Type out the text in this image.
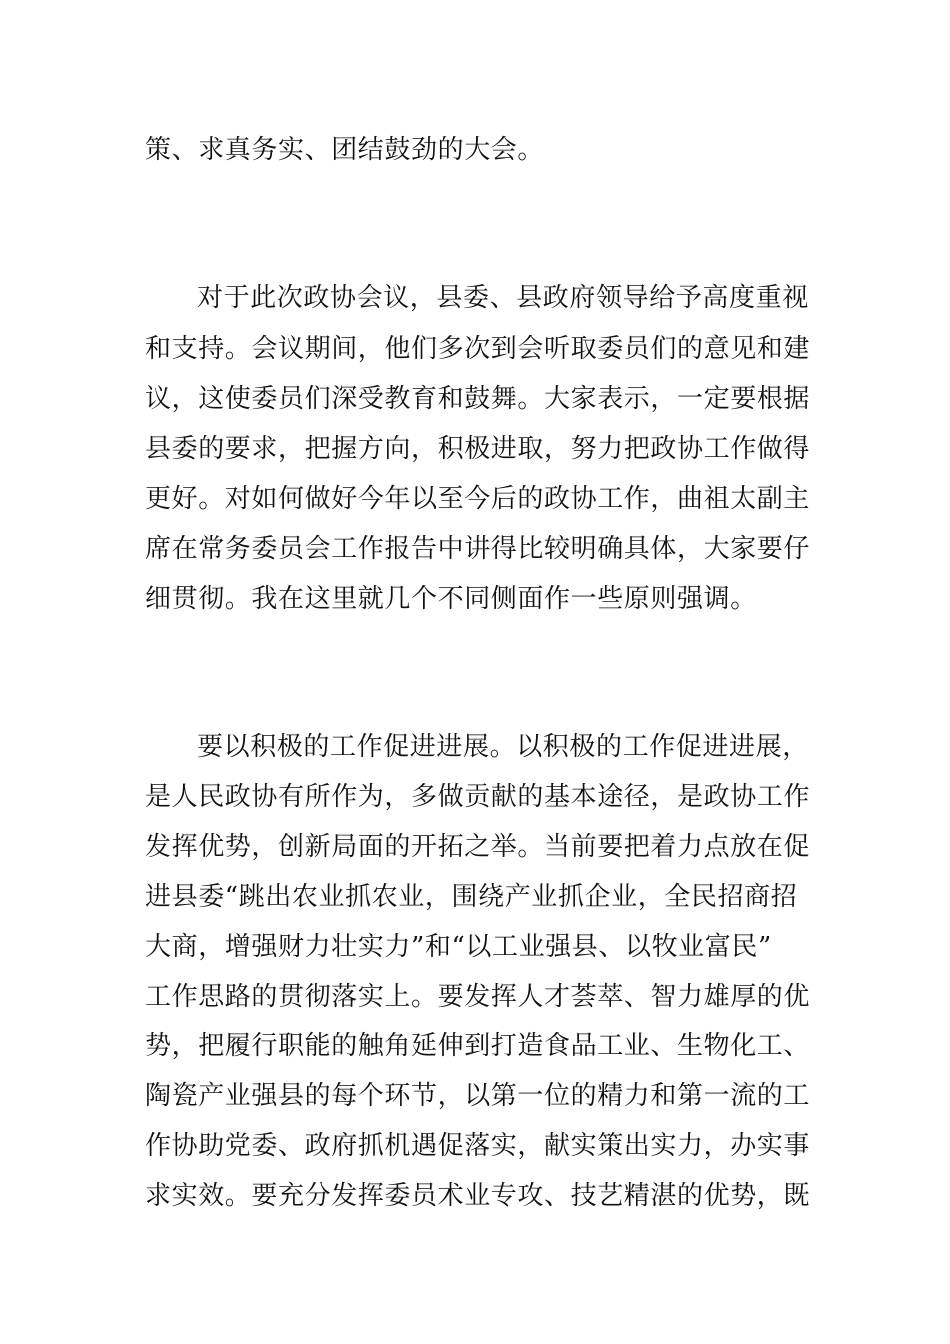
策、求真务实、团结鼓劲的大会。
对于此次政协会议，县委、县政府领导给予高度重视
和支持。会议期间，他们多次到会听取委员们的意见和建
议，这使委员们深受教育和鼓舞。大家表示，一定要根据
县委的要求，把握方向，积极进取，努力把政协工作做得
更好。对如何做好今年以至今后的政协工作，曲祖太副主
席在常务委员会工作报告中讲得比较明确具体，大家要仔
细贯彻。我在这里就几个不同侧面作一些原则强调。
要以积极的工作促进进展。以积极的工作促进进展，
是人民政协有所作为，多做贡献的基本途径，是政协工作
发挥优势，创新局面的开拓之举。当前要把着力点放在促
进县委“跳出农业抓农业，围绕产业抓企业，全民招商招
大商，增强财力壮实力”和“以工业强县、以牧业富民”
工作思路的贯彻落实上。要发挥人才荟萃、智力雄厚的优
势，把履行职能的触角延伸到打造食品工业、生物化工、
陶瓷产业强县的每个环节，以第一位的精力和第一流的工
作协助党委、政府抓机遇促落实，献实策出实力，办实事
求实效。要充分发挥委员术业专攻、技艺精湛的优势，既
